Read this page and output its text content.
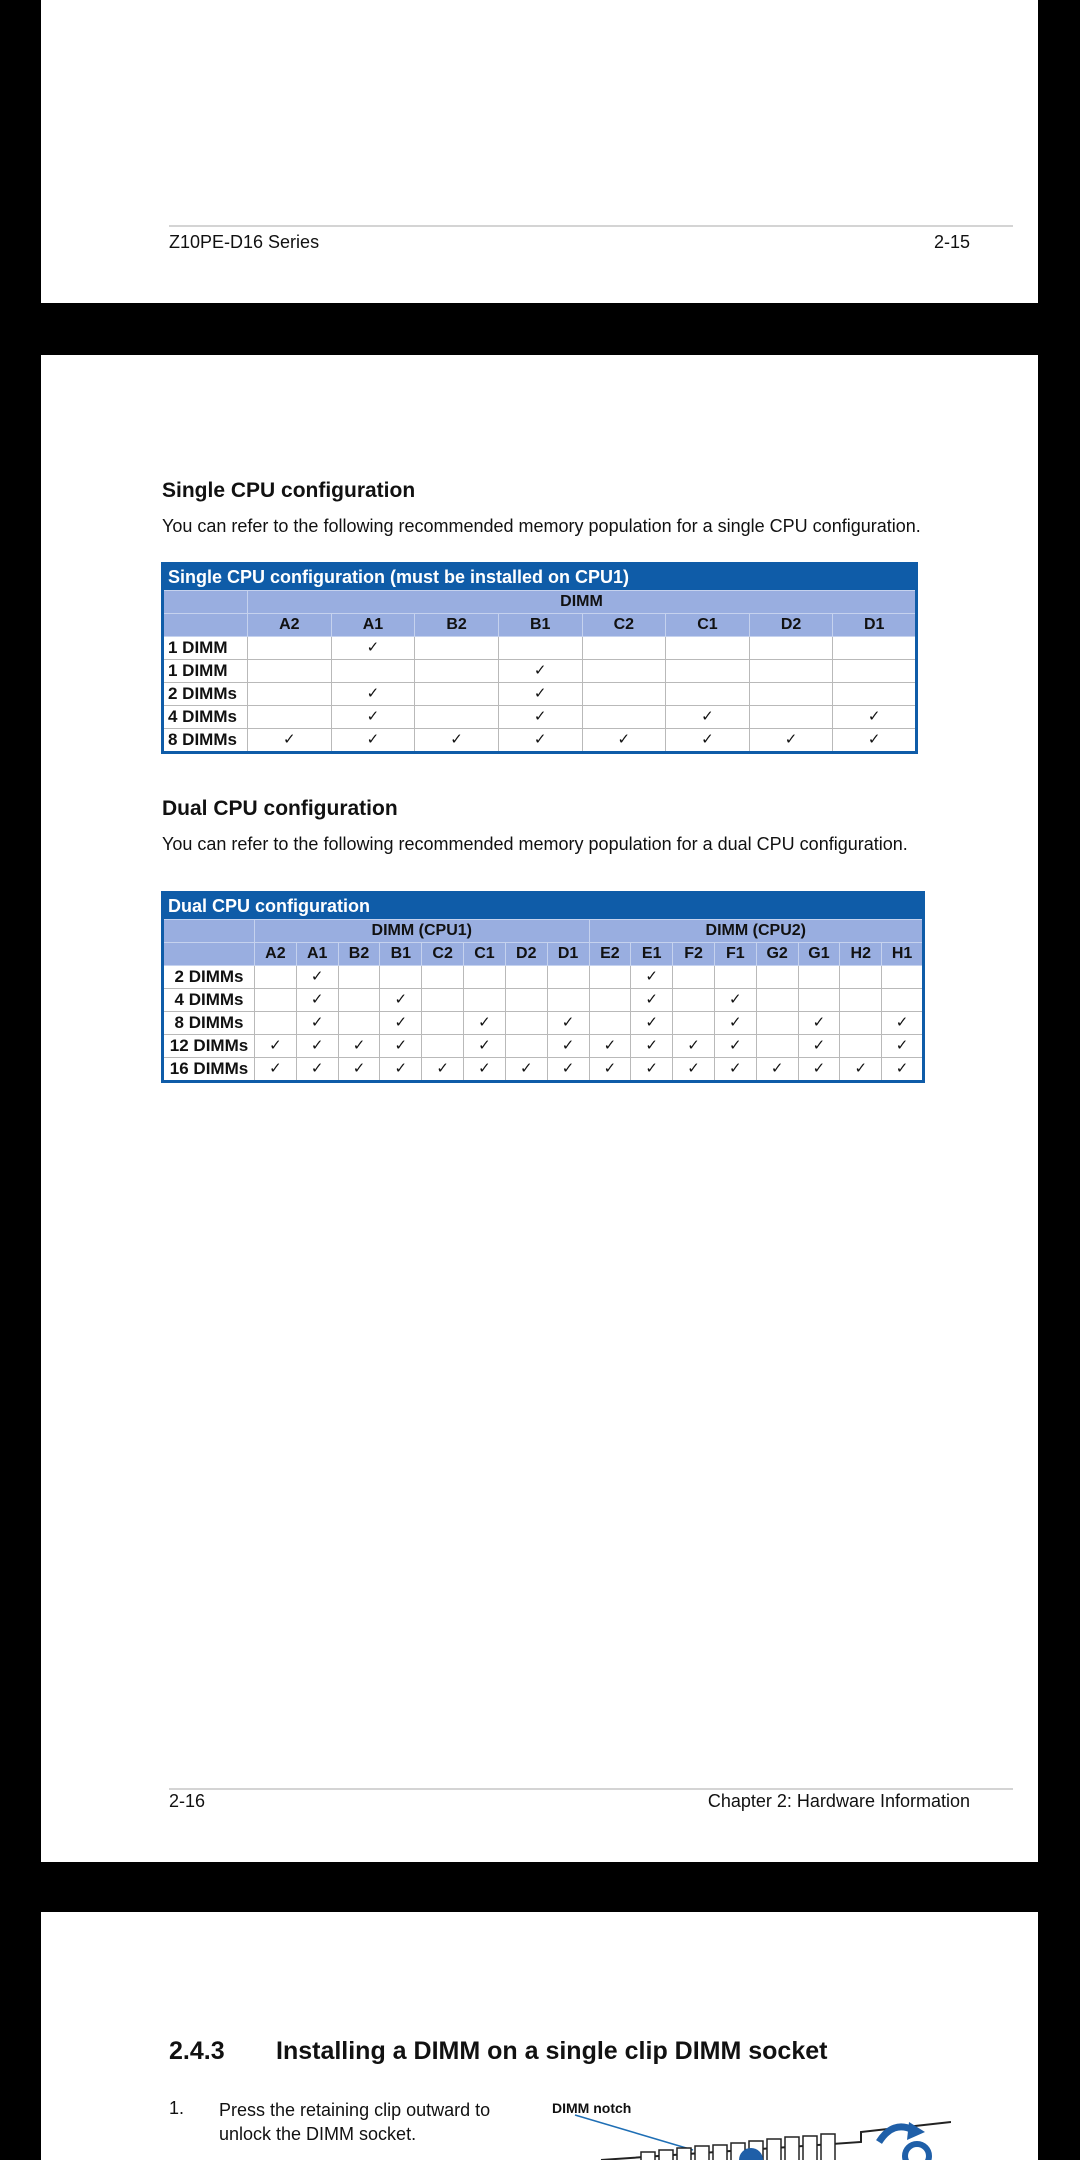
Z10PE-D16 Series	2-15
Single CPU configuration
You can refer to the following recommended memory population for a single CPU configuration.
Single CPU configuration (must be installed on CPU1)								
	DIMM							
	A2	A1	B2	B1	C2	C1	D2	D1
1 DIMM		✓						
1 DIMM				✓				
2 DIMMs		✓		✓				
4 DIMMs		✓		✓		✓		✓
8 DIMMs	✓	✓	✓	✓	✓	✓	✓	✓
Dual CPU configuration
You can refer to the following recommended memory population for a dual CPU configuration.
Dual CPU configuration																
	DIMM (CPU1)								DIMM (CPU2)							
	A2	A1	B2	B1	C2	C1	D2	D1	E2	E1	F2	F1	G2	G1	H2	H1
2 DIMMs		✓								✓						
4 DIMMs		✓		✓						✓		✓				
8 DIMMs		✓		✓		✓		✓		✓		✓		✓		✓
12 DIMMs	✓	✓	✓	✓		✓		✓	✓	✓	✓	✓		✓		✓
16 DIMMs	✓	✓	✓	✓	✓	✓	✓	✓	✓	✓	✓	✓	✓	✓	✓	✓
2-16	Chapter 2: Hardware Information
2.4.3 Installing a DIMM on a single clip DIMM socket
1. Press the retaining clip outward to unlock the DIMM socket.
DIMM notch
